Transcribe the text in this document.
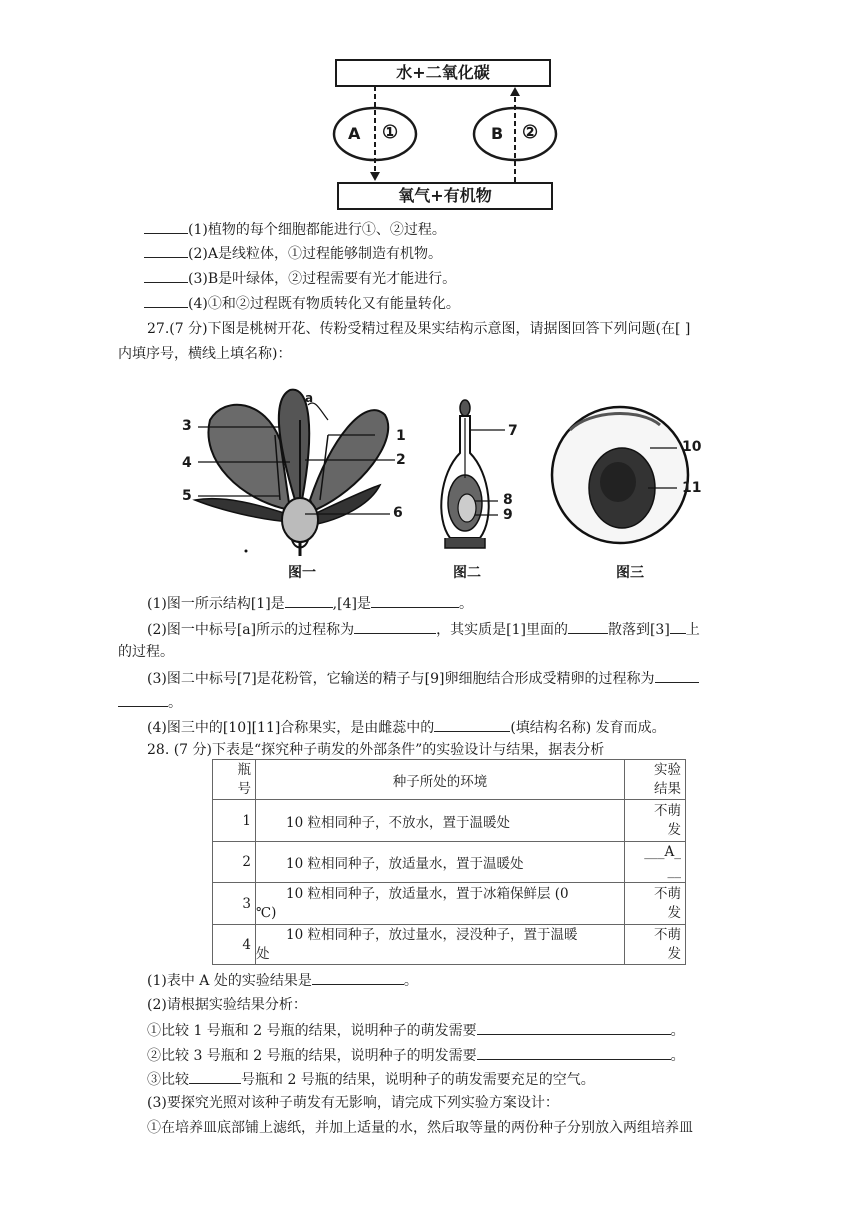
水+二氧化碳
氧气+有机物
A ①	B ②
(1)植物的每个细胞都能进行①、②过程。
(2)A是线粒体，①过程能够制造有机物。
(3)B是叶绿体，②过程需要有光才能进行。
(4)①和②过程既有物质转化又有能量转化。
27.(7 分)下图是桃树开花、传粉受精过程及果实结构示意图，请据图回答下列问题(在[ ]
内填序号，横线上填名称)：
3
1
4	2
5
6
a
图一
7
8
9
图二
10
11
图三
(1)图一所示结构[1]是	,[4]是	。
(2)图一中标号[a]所示的过程称为	，其实质是[1]里面的	散落到[3] 上
的过程。
(3)图二中标号[7]是花粉管，它输送的精子与[9]卵细胞结合形成受精卵的过程称为
。
(4)图三中的[10][11]合称果实，是由雌蕊中的	(填结构名称) 发育而成。
28. (7 分)下表是“探究种子萌发的外部条件”的实验设计与结果，据表分析
瓶
号	种子所处的环境	实验
结果
1	10 粒相同种子，不放水，置于温暖处	不萌
发
2	10 粒相同种子，放适量水，置于温暖处	___A_
__
3	10 粒相同种子，放适量水，置于冰箱保鲜层 (0
℃)	不萌
发
4	10 粒相同种子，放过量水，浸没种子，置于温暖
处	不萌
发
(1)表中 A 处的实验结果是	。
(2)请根据实验结果分析：
①比较 1 号瓶和 2 号瓶的结果，说明种子的萌发需要	。
②比较 3 号瓶和 2 号瓶的结果，说明种子的明发需要	。
③比较	号瓶和 2 号瓶的结果，说明种子的萌发需要充足的空气。
(3)要探究光照对该种子萌发有无影响，请完成下列实验方案设计：
①在培养皿底部铺上滤纸，并加上适量的水，然后取等量的两份种子分别放入两组培养皿
